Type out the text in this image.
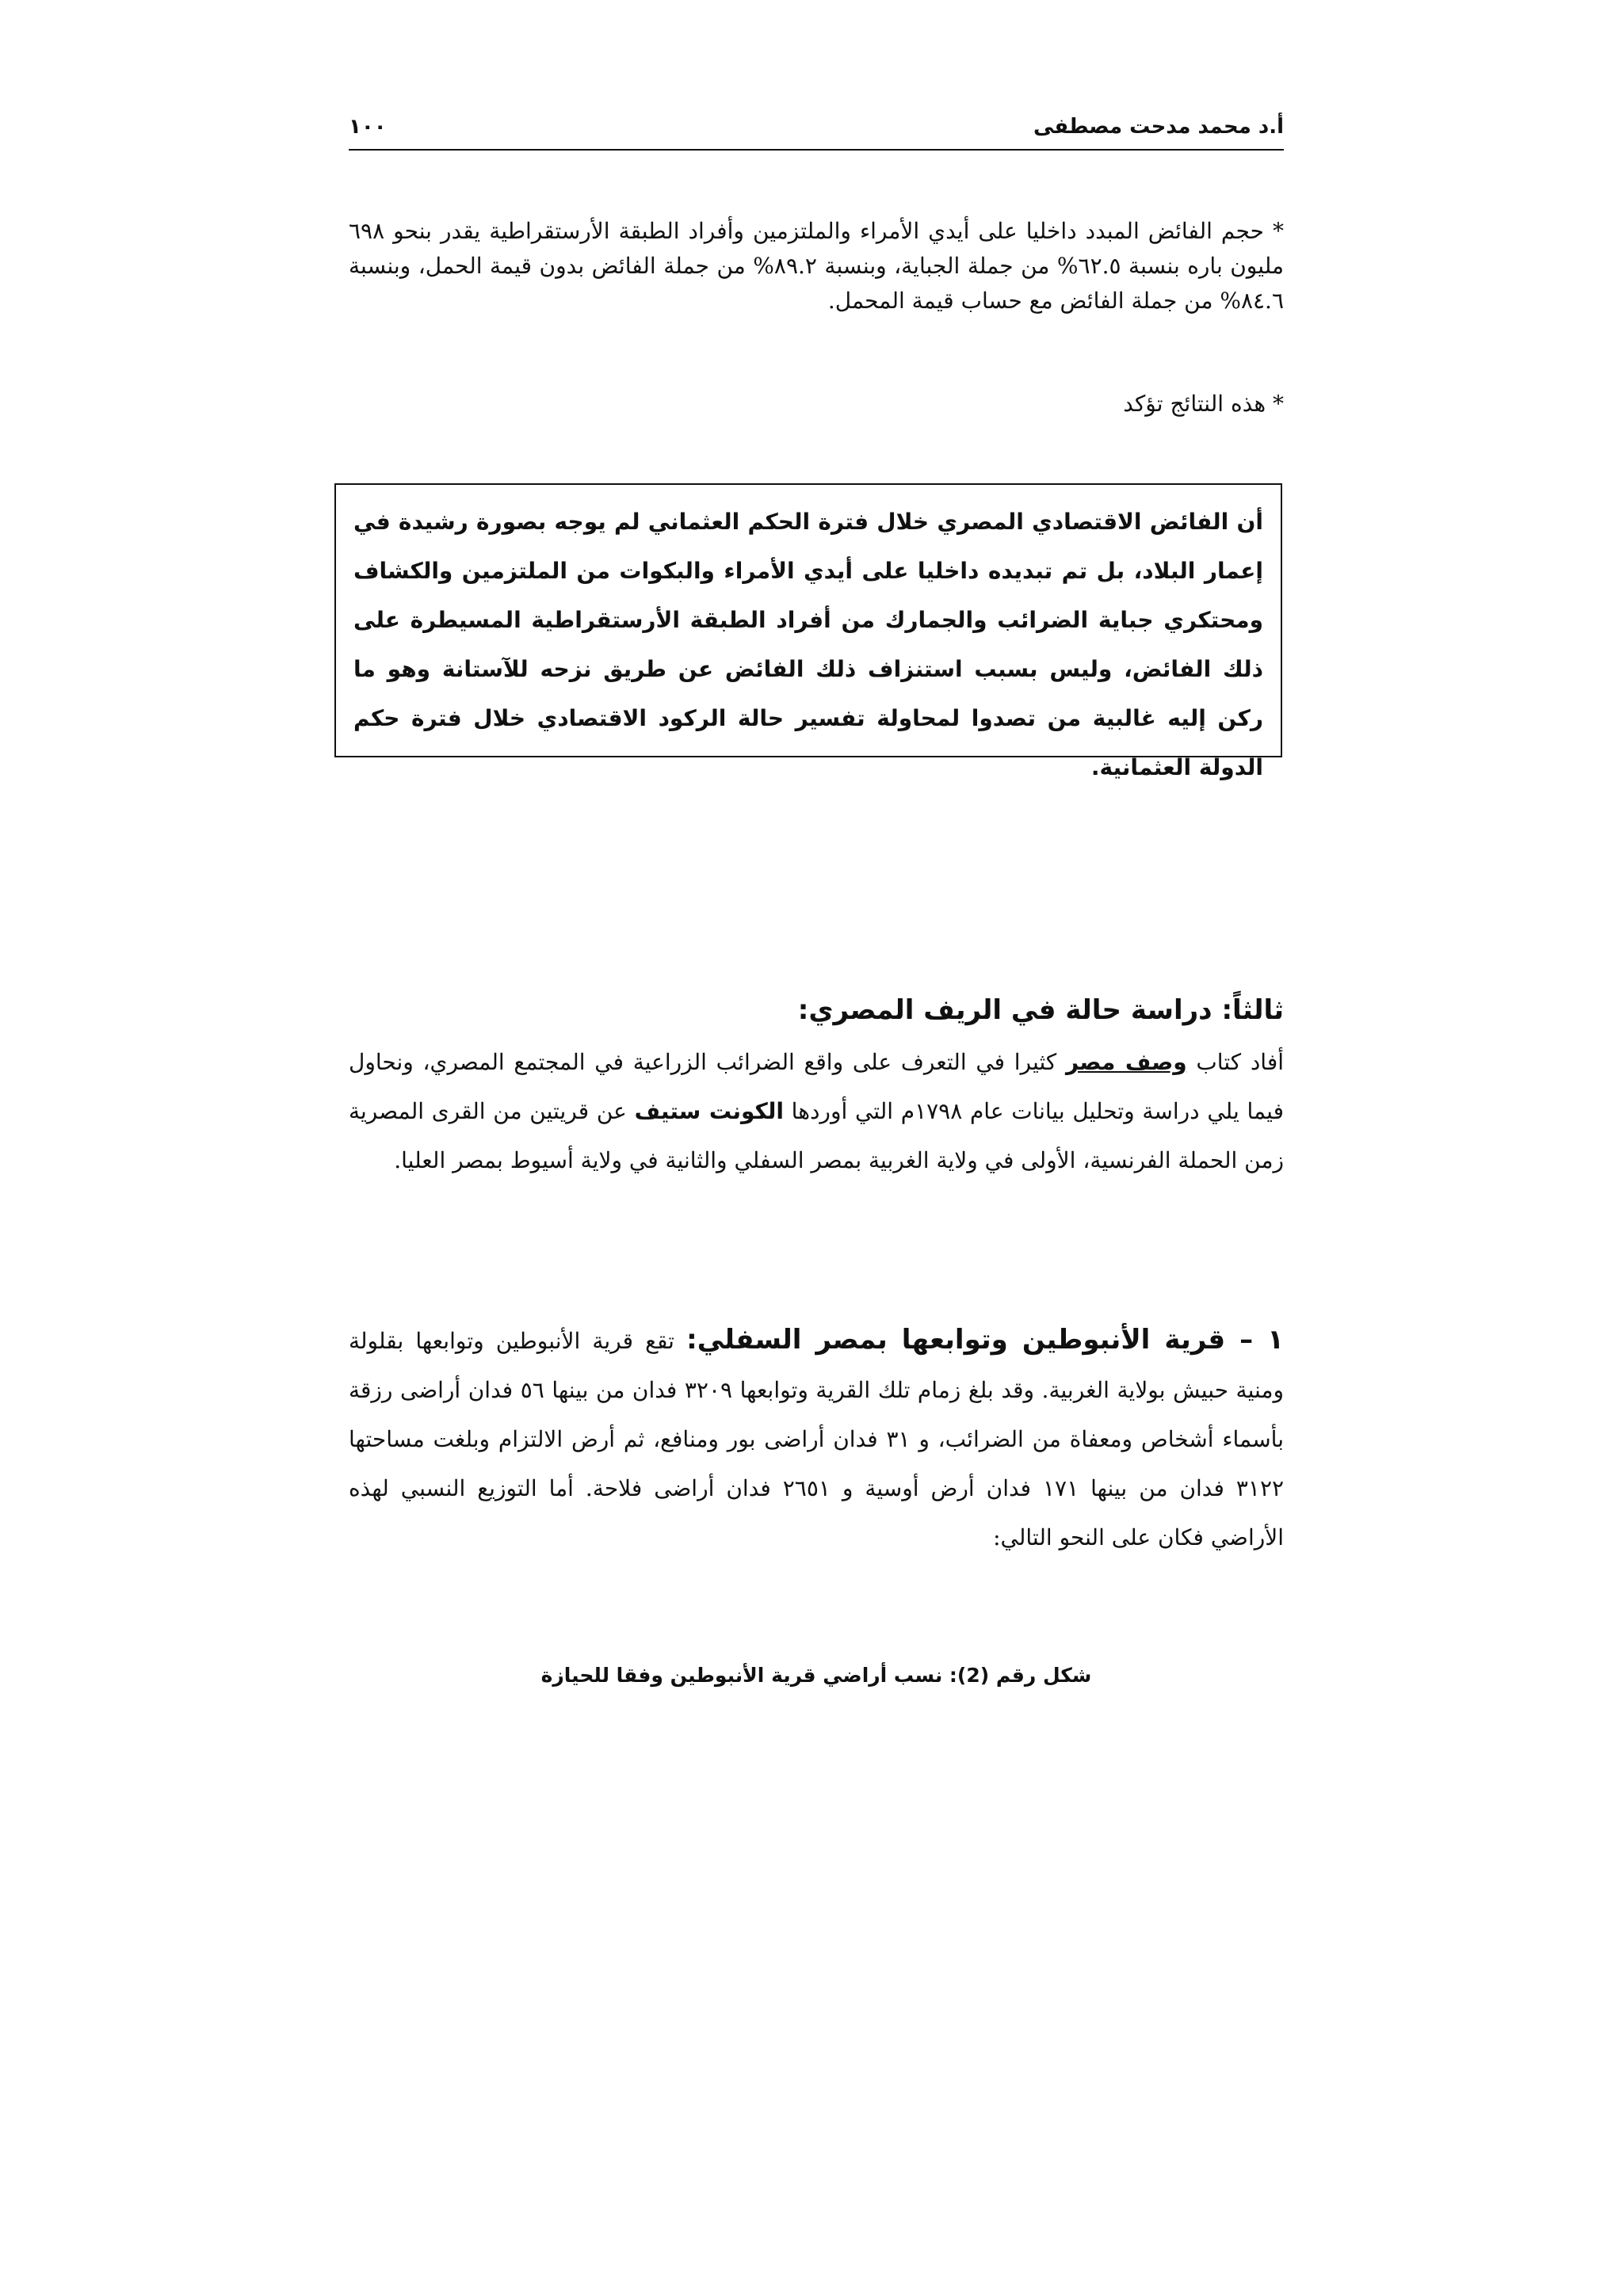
أ.د محمد مدحت مصطفى
١٠٠

* حجم الفائض المبدد داخليا على أيدي الأمراء والملتزمين وأفراد الطبقة الأرستقراطية يقدر بنحو ٦٩٨ مليون باره بنسبة ٦٢.٥% من جملة الجباية، وبنسبة ٨٩.٢% من جملة الفائض بدون قيمة الحمل، وبنسبة ٨٤.٦% من جملة الفائض مع حساب قيمة المحمل.

* هذه النتائج تؤكد

أن الفائض الاقتصادي المصري خلال فترة الحكم العثماني لم يوجه بصورة رشيدة في إعمار البلاد، بل تم تبديده داخليا على أيدي الأمراء والبكوات من الملتزمين والكشاف ومحتكري جباية الضرائب والجمارك من أفراد الطبقة الأرستقراطية المسيطرة على ذلك الفائض، وليس بسبب استنزاف ذلك الفائض عن طريق نزحه للآستانة وهو ما ركن إليه غالبية من تصدوا لمحاولة تفسير حالة الركود الاقتصادي خلال فترة حكم الدولة العثمانية.
ثالثاً: دراسة حالة في الريف المصري:

أفاد كتاب وصف مصر كثيرا في التعرف على واقع الضرائب الزراعية في المجتمع المصري، ونحاول فيما يلي دراسة وتحليل بيانات عام ١٧٩٨م التي أوردها الكونت ستيف عن قريتين من القرى المصرية زمن الحملة الفرنسية، الأولى في ولاية الغربية بمصر السفلي والثانية في ولاية أسيوط بمصر العليا.

١ – قرية الأنبوطين وتوابعها بمصر السفلي: تقع قرية الأنبوطين وتوابعها بقلولة ومنية حبيش بولاية الغربية. وقد بلغ زمام تلك القرية وتوابعها ٣٢٠٩ فدان من بينها ٥٦ فدان أراضى رزقة بأسماء أشخاص ومعفاة من الضرائب، و ٣١ فدان أراضى بور ومنافع، ثم أرض الالتزام وبلغت مساحتها ٣١٢٢ فدان من بينها ١٧١ فدان أرض أوسية و ٢٦٥١ فدان أراضى فلاحة. أما التوزيع النسبي لهذه الأراضي فكان على النحو التالي:

شكل رقم (2): نسب أراضي قرية الأنبوطين وفقا للحيازة
